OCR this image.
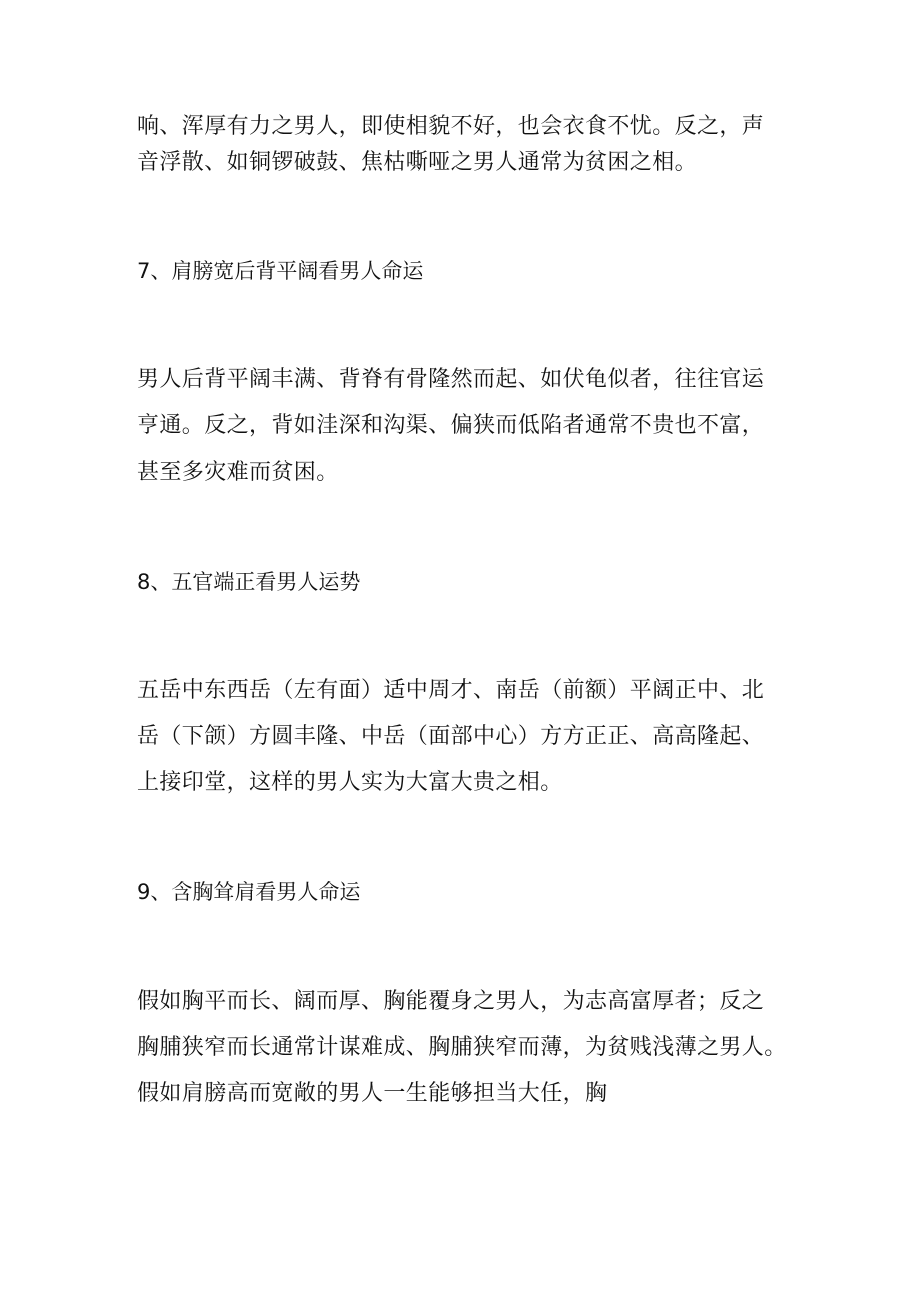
响、浑厚有力之男人，即使相貌不好，也会衣食不忧。反之，声
音浮散、如铜锣破鼓、焦枯嘶哑之男人通常为贫困之相。
7、肩膀宽后背平阔看男人命运
男人后背平阔丰满、背脊有骨隆然而起、如伏龟似者，往往官运
亨通。反之，背如洼深和沟渠、偏狭而低陷者通常不贵也不富，
甚至多灾难而贫困。
8、五官端正看男人运势
五岳中东西岳（左有面）适中周才、南岳（前额）平阔正中、北
岳（下颌）方圆丰隆、中岳（面部中心）方方正正、高高隆起、
上接印堂，这样的男人实为大富大贵之相。
9、含胸耸肩看男人命运
假如胸平而长、阔而厚、胸能覆身之男人，为志高富厚者；反之
胸脯狭窄而长通常计谋难成、胸脯狭窄而薄，为贫贱浅薄之男人。
假如肩膀高而宽敞的男人一生能够担当大任，胸
